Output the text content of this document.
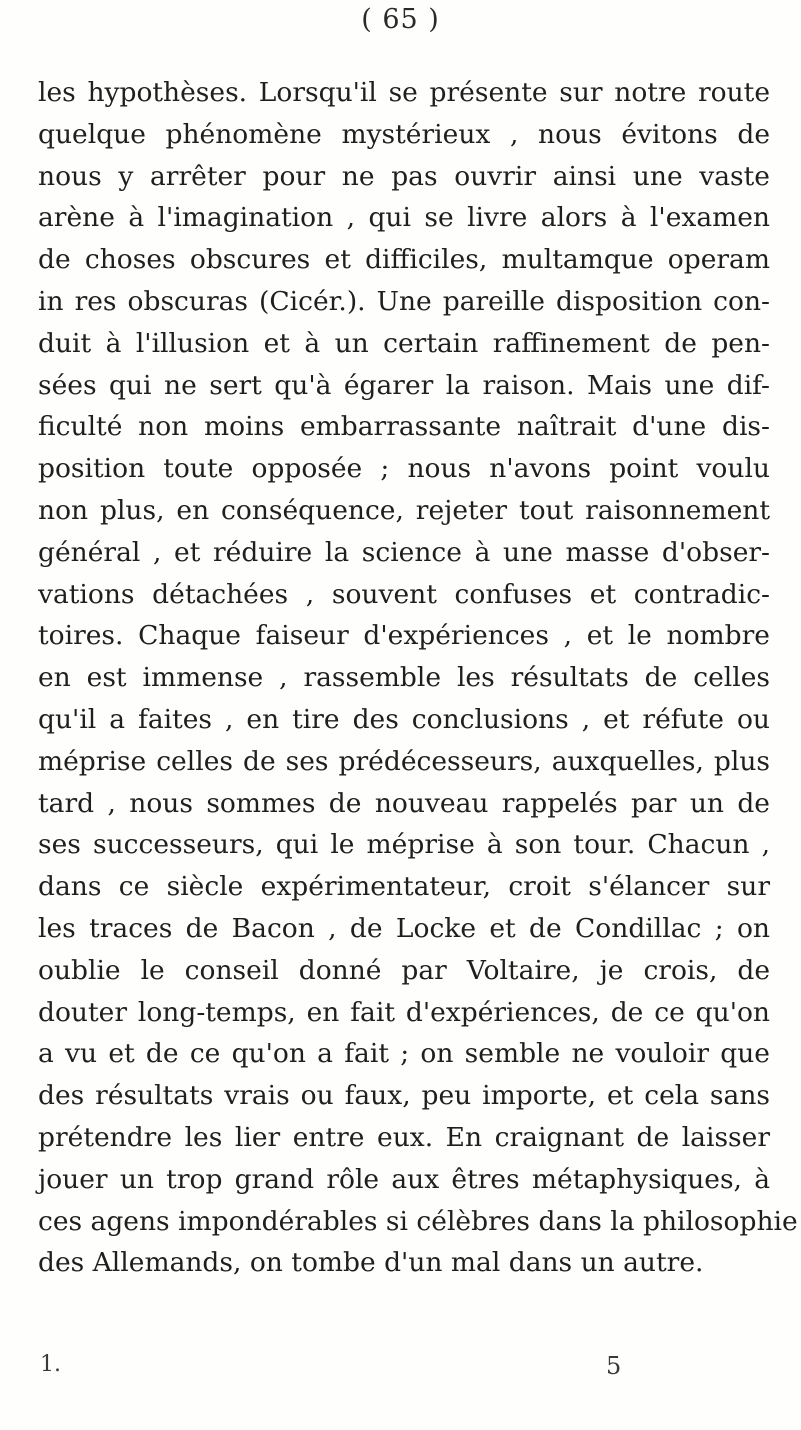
( 65 )
les hypothèses. Lorsqu'il se présente sur notre route
quelque phénomène mystérieux , nous évitons de
nous y arrêter pour ne pas ouvrir ainsi une vaste
arène à l'imagination , qui se livre alors à l'examen
de choses obscures et difficiles, multamque operam
in res obscuras (Cicér.). Une pareille disposition con-
duit à l'illusion et à un certain raffinement de pen-
sées qui ne sert qu'à égarer la raison. Mais une dif-
ficulté non moins embarrassante naîtrait d'une dis-
position toute opposée ; nous n'avons point voulu
non plus, en conséquence, rejeter tout raisonnement
général , et réduire la science à une masse d'obser-
vations détachées , souvent confuses et contradic-
toires. Chaque faiseur d'expériences , et le nombre
en est immense , rassemble les résultats de celles
qu'il a faites , en tire des conclusions , et réfute ou
méprise celles de ses prédécesseurs, auxquelles, plus
tard , nous sommes de nouveau rappelés par un de
ses successeurs, qui le méprise à son tour. Chacun ,
dans ce siècle expérimentateur, croit s'élancer sur
les traces de Bacon , de Locke et de Condillac ; on
oublie le conseil donné par Voltaire, je crois, de
douter long-temps, en fait d'expériences, de ce qu'on
a vu et de ce qu'on a fait ; on semble ne vouloir que
des résultats vrais ou faux, peu importe, et cela sans
prétendre les lier entre eux. En craignant de laisser
jouer un trop grand rôle aux êtres métaphysiques, à
ces agens impondérables si célèbres dans la philosophie
des Allemands, on tombe d'un mal dans un autre.
1.	5
